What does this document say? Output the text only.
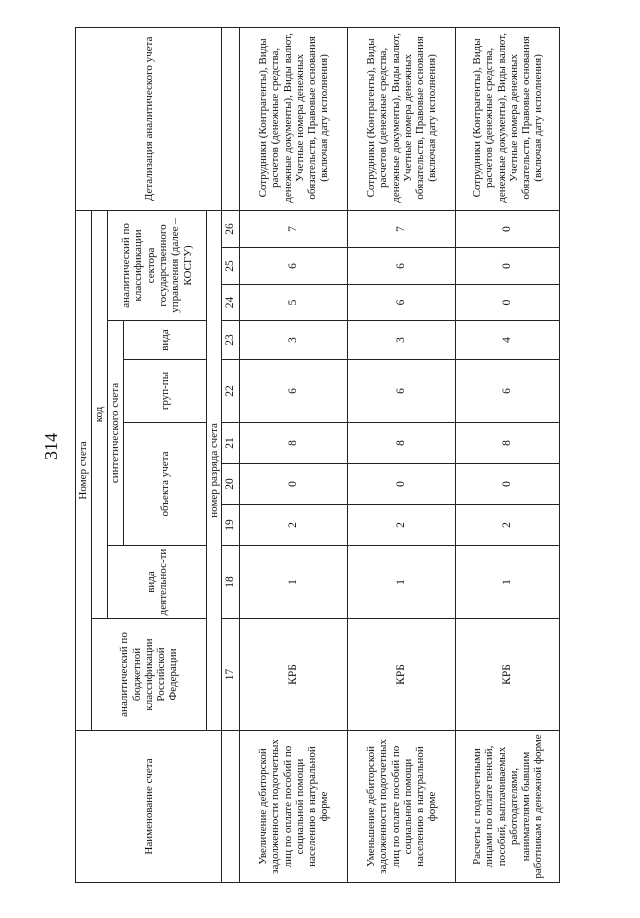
314
Наименование счета	Номер счета										Детализация аналитического учета
	аналитический по бюджетной классификации Российской Федерации	код									
		вида деятельнос-ти	синтетического счета					аналитический по классификации сектора государственного управления (далее – КОСГУ)			
			объекта учета			груп-пы	вида				
	номер разряда счета										
	17	18	19	20	21	22	23	24	25	26	
Увеличение дебиторской задолженности подотчетных лиц по оплате пособий по социальной помощи населению в натуральной форме	КРБ	1	2	0	8	6	3	5	6	7	Сотрудники (Контрагенты), Виды расчетов (денежные средства, денежные документы), Виды валют, Учетные номера денежных обязательств, Правовые основания (включая дату исполнения)
Уменьшение дебиторской задолженности подотчетных лиц по оплате пособий по социальной помощи населению в натуральной форме	КРБ	1	2	0	8	6	3	6	6	7	Сотрудники (Контрагенты), Виды расчетов (денежные средства, денежные документы), Виды валют, Учетные номера денежных обязательств, Правовые основания (включая дату исполнения)
Расчеты с подотчетными лицами по оплате пенсий, пособий, выплачиваемых работодателями, нанимателями бывшим работникам в денежной форме	КРБ	1	2	0	8	6	4	0	0	0	Сотрудники (Контрагенты), Виды расчетов (денежные средства, денежные документы), Виды валют, Учетные номера денежных обязательств, Правовые основания (включая дату исполнения)
